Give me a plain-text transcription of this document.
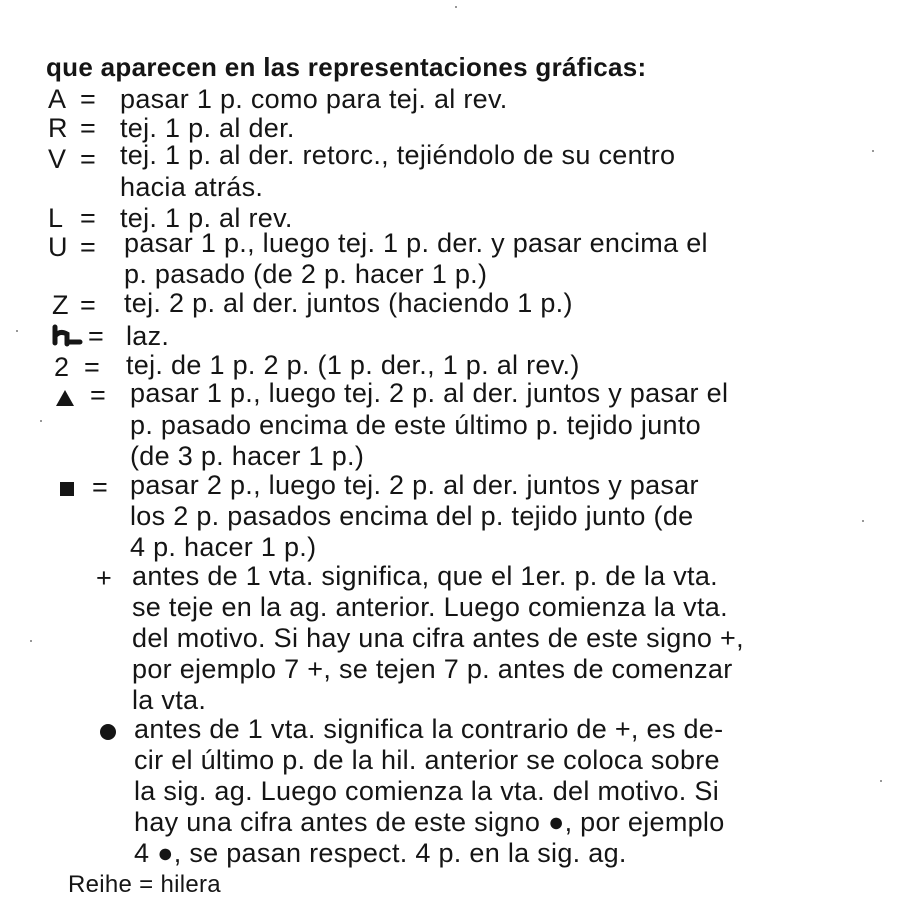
que aparecen en las representaciones gráficas:
A = pasar 1 p. como para tej. al rev.
R = tej. 1 p. al der.
V = tej. 1 p. al der. retorc., tejiéndolo de su centro
hacia atrás.
L = tej. 1 p. al rev.
U = pasar 1 p., luego tej. 1 p. der. y pasar encima el
p. pasado (de 2 p. hacer 1 p.)
Z = tej. 2 p. al der. juntos (haciendo 1 p.)
= laz.
2 = tej. de 1 p. 2 p. (1 p. der., 1 p. al rev.)
= pasar 1 p., luego tej. 2 p. al der. juntos y pasar el
p. pasado encima de este último p. tejido junto
(de 3 p. hacer 1 p.)
= pasar 2 p., luego tej. 2 p. al der. juntos y pasar
los 2 p. pasados encima del p. tejido junto (de
4 p. hacer 1 p.)
+ antes de 1 vta. significa, que el 1er. p. de la vta.
se teje en la ag. anterior. Luego comienza la vta.
del motivo. Si hay una cifra antes de este signo +,
por ejemplo 7 +, se tejen 7 p. antes de comenzar
la vta.
antes de 1 vta. significa la contrario de +, es de-
cir el último p. de la hil. anterior se coloca sobre
la sig. ag. Luego comienza la vta. del motivo. Si
hay una cifra antes de este signo ●, por ejemplo
4 ●, se pasan respect. 4 p. en la sig. ag.
Reihe = hilera
